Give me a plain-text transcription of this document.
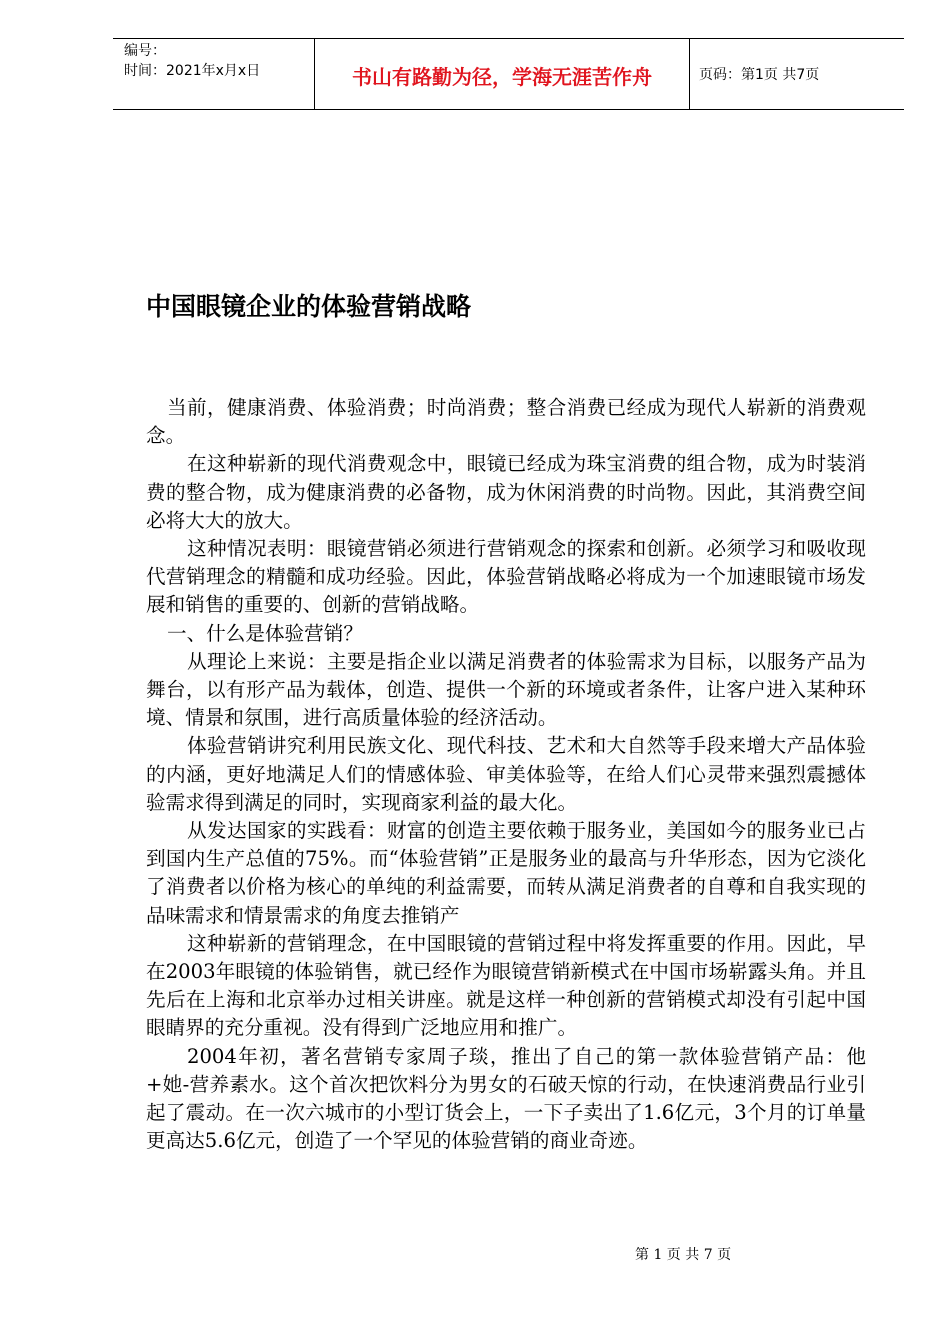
编号：
时间：2021年x月x日	书山有路勤为径，学海无涯苦作舟	页码：第1页 共7页
中国眼镜企业的体验营销战略

当前，健康消费、体验消费；时尚消费；整合消费已经成为现代人崭新的消费观念。

在这种崭新的现代消费观念中，眼镜已经成为珠宝消费的组合物，成为时装消费的整合物，成为健康消费的必备物，成为休闲消费的时尚物。因此，其消费空间必将大大的放大。

这种情况表明：眼镜营销必须进行营销观念的探索和创新。必须学习和吸收现代营销理念的精髓和成功经验。因此，体验营销战略必将成为一个加速眼镜市场发展和销售的重要的、创新的营销战略。

一、什么是体验营销？

从理论上来说：主要是指企业以满足消费者的体验需求为目标，以服务产品为舞台，以有形产品为载体，创造、提供一个新的环境或者条件，让客户进入某种环境、情景和氛围，进行高质量体验的经济活动。

体验营销讲究利用民族文化、现代科技、艺术和大自然等手段来增大产品体验的内涵，更好地满足人们的情感体验、审美体验等，在给人们心灵带来强烈震撼体验需求得到满足的同时，实现商家利益的最大化。

从发达国家的实践看：财富的创造主要依赖于服务业，美国如今的服务业已占到国内生产总值的75%。而“体验营销”正是服务业的最高与升华形态，因为它淡化了消费者以价格为核心的单纯的利益需要，而转从满足消费者的自尊和自我实现的品味需求和情景需求的角度去推销产

这种崭新的营销理念，在中国眼镜的营销过程中将发挥重要的作用。因此，早在2003年眼镜的体验销售，就已经作为眼镜营销新模式在中国市场崭露头角。并且先后在上海和北京举办过相关讲座。就是这样一种创新的营销模式却没有引起中国眼睛界的充分重视。没有得到广泛地应用和推广。

2004年初，著名营销专家周子琰，推出了自己的第一款体验营销产品：他+她-营养素水。这个首次把饮料分为男女的石破天惊的行动，在快速消费品行业引起了震动。在一次六城市的小型订货会上，一下子卖出了1.6亿元，3个月的订单量更高达5.6亿元，创造了一个罕见的体验营销的商业奇迹。

第 1 页 共 7 页
